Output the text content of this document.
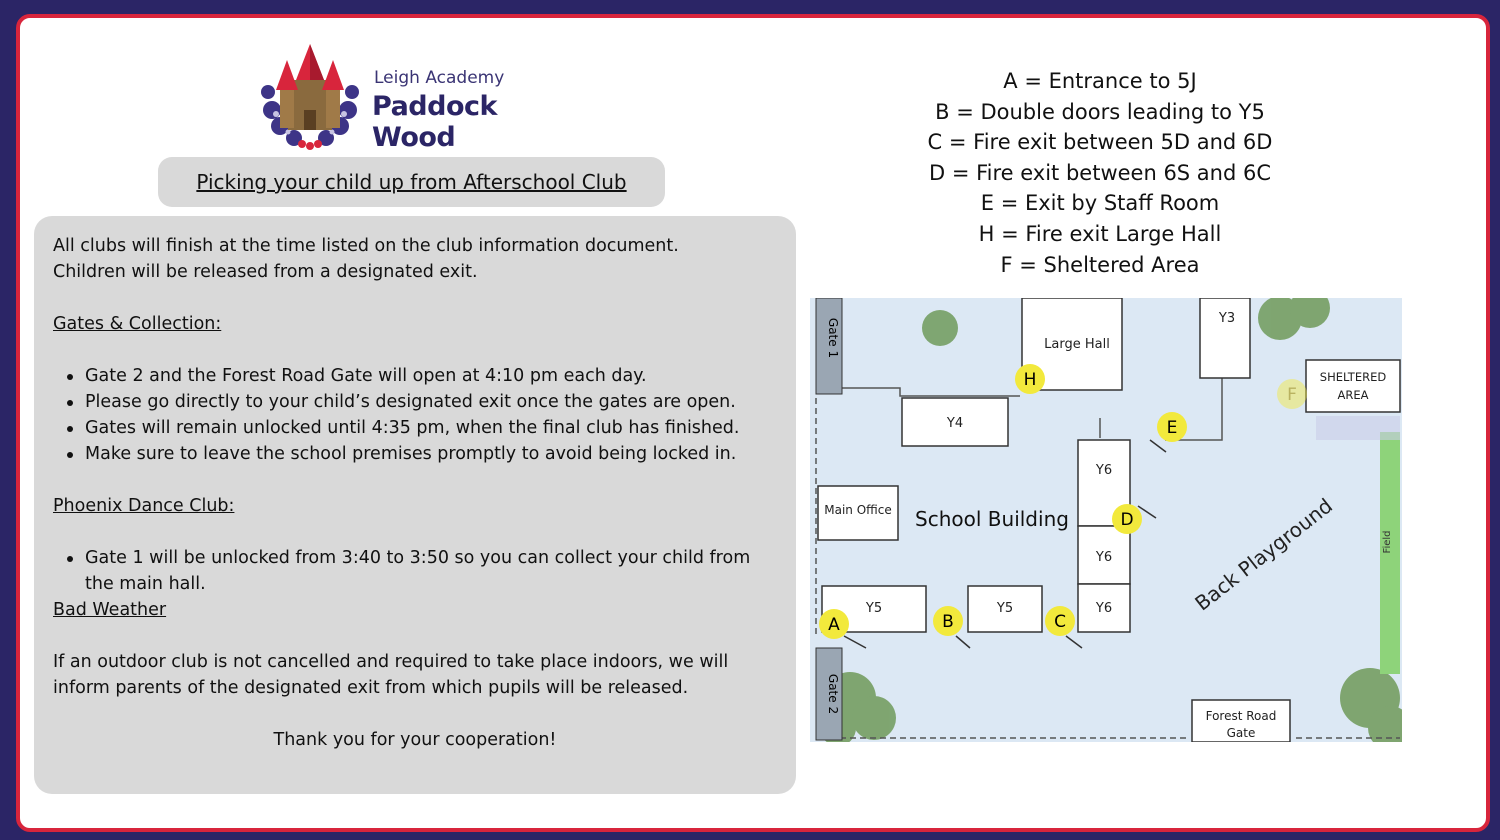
Leigh Academy
Paddock Wood
Picking your child up from Afterschool Club
All clubs will finish at the time listed on the club information document.
Children will be released from a designated exit.
Gates & Collection:
Gate 2 and the Forest Road Gate will open at 4:10 pm each day.
Please go directly to your child’s designated exit once the gates are open.
Gates will remain unlocked until 4:35 pm, when the final club has finished.
Make sure to leave the school premises promptly to avoid being locked in.
Phoenix Dance Club:
Gate 1 will be unlocked from 3:40 to 3:50 so you can collect your child from the main hall.
Bad Weather
If an outdoor club is not cancelled and required to take place indoors, we will inform parents of the designated exit from which pupils will be released.
Thank you for your cooperation!
A = Entrance to 5J
B = Double doors leading to Y5
C = Fire exit between 5D and 6D
D = Fire exit between 6S and 6C
E = Exit by Staff Room
H = Fire exit Large Hall
F = Sheltered Area
Gate 1
Gate 2
Large Hall
Y3
Y4
Y6
Y6
Y6
Main Office
Y5	Y5
SHELTERED
AREA
Forest Road
Gate
School Building	Back Playground	Field
A	B	C
D
E
F
H
